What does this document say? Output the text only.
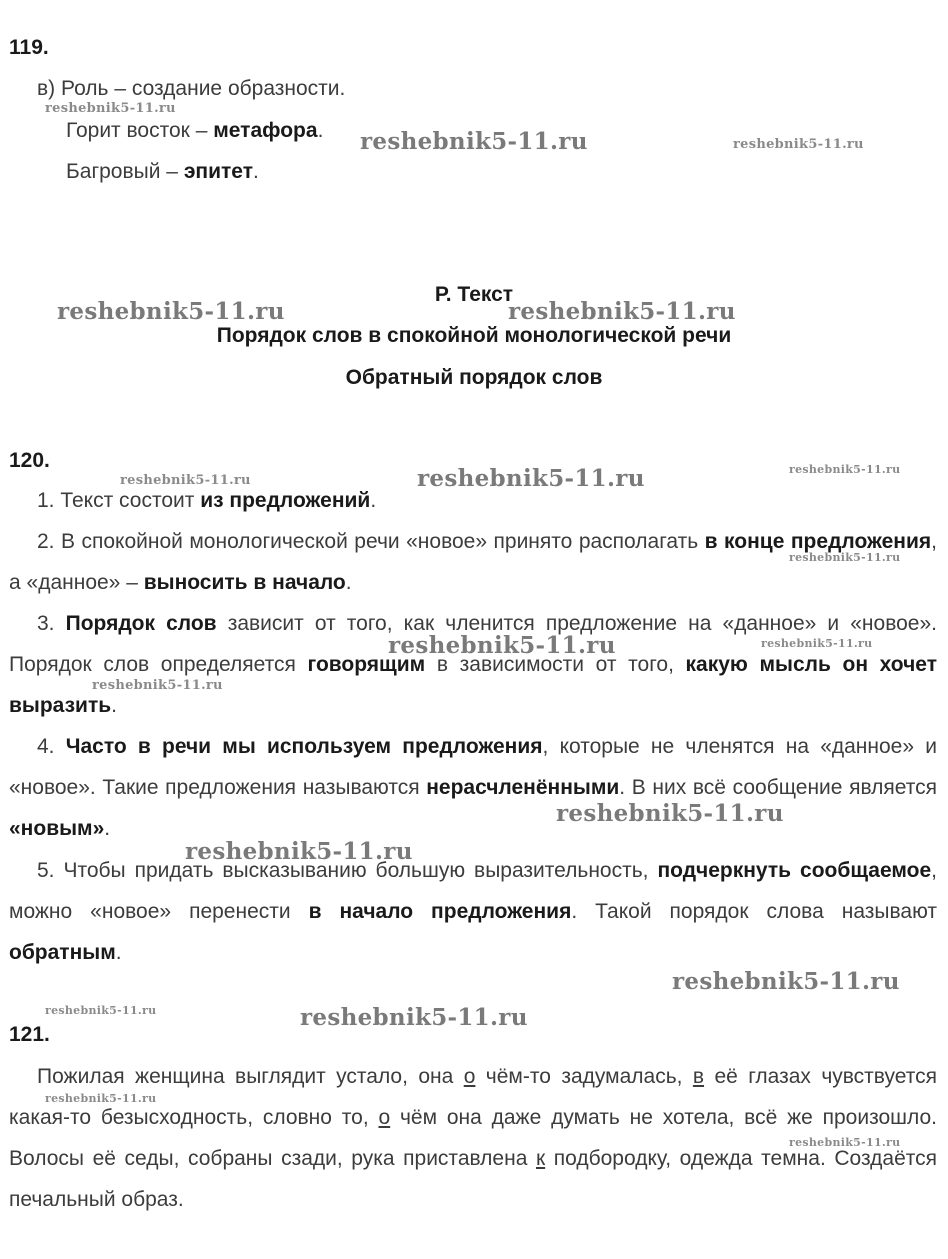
119.
в) Роль – создание образности.
Горит восток – метафора.
Багровый – эпитет.
Р. Текст
Порядок слов в спокойной монологической речи
Обратный порядок слов
120.
1. Текст состоит из предложений.
2. В спокойной монологической речи «новое» принято располагать в конце предложения, а «данное» – выносить в начало.
3. Порядок слов зависит от того, как членится предложение на «данное» и «новое». Порядок слов определяется говорящим в зависимости от того, какую мысль он хочет выразить.
4. Часто в речи мы используем предложения, которые не членятся на «данное» и «новое». Такие предложения называются нерасчленёнными. В них всё сообщение является «новым».
5. Чтобы придать высказыванию большую выразительность, подчеркнуть сообщаемое, можно «новое» перенести в начало предложения. Такой порядок слова называют обратным.
121.
Пожилая женщина выглядит устало, она о чём-то задумалась, в её глазах чувствуется какая-то безысходность, словно то, о чём она даже думать не хотела, всё же произошло. Волосы её седы, собраны сзади, рука приставлена к подбородку, одежда темна. Создаётся печальный образ.
reshebnik5-11.ru
reshebnik5-11.ru	reshebnik5-11.ru
reshebnik5-11.ru	reshebnik5-11.ru
reshebnik5-11.ru	reshebnik5-11.ru	reshebnik5-11.ru
reshebnik5-11.ru
reshebnik5-11.ru	reshebnik5-11.ru
reshebnik5-11.ru
reshebnik5-11.ru
reshebnik5-11.ru
reshebnik5-11.ru
reshebnik5-11.ru	reshebnik5-11.ru
reshebnik5-11.ru
reshebnik5-11.ru
